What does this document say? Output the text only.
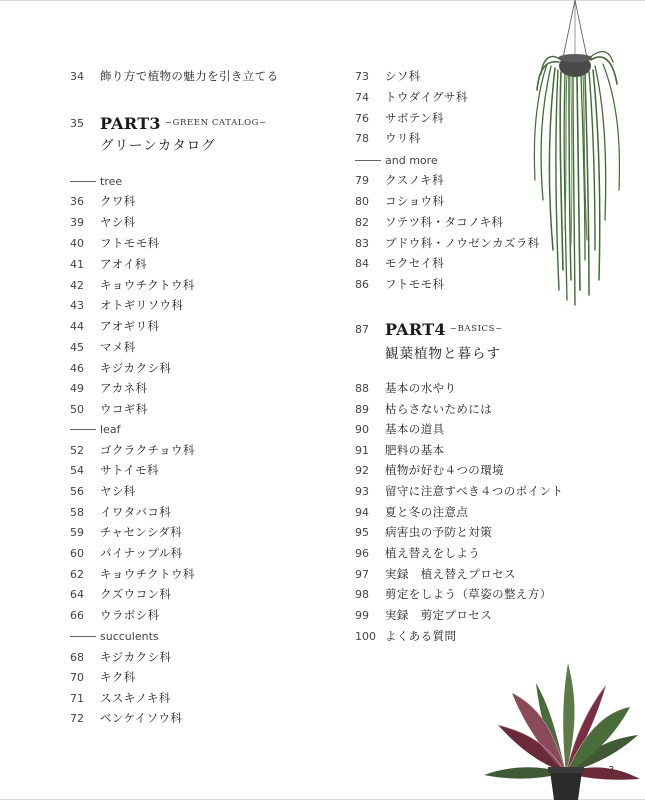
34	飾り方で植物の魅力を引き立てる
35	PART3 ~GREEN CATALOG~
グリーンカタログ
tree
36	クワ科
39	ヤシ科
40	フトモモ科
41	アオイ科
42	キョウチクトウ科
43	オトギリソウ科
44	アオギリ科
45	マメ科
46	キジカクシ科
49	アカネ科
50	ウコギ科
leaf
52	ゴクラクチョウ科
54	サトイモ科
56	ヤシ科
58	イワタバコ科
59	チャセンシダ科
60	パイナップル科
62	キョウチクトウ科
64	クズウコン科
66	ウラボシ科
succulents
68	キジカクシ科
70	キク科
71	ススキノキ科
72	ベンケイソウ科
73	シソ科
74	トウダイグサ科
76	サボテン科
78	ウリ科
and more
79	クスノキ科
80	コショウ科
82	ソテツ科・タコノキ科
83	ブドウ科・ノウゼンカズラ科
84	モクセイ科
86	フトモモ科
87	PART4 ~BASICS~
観葉植物と暮らす
88	基本の水やり
89	枯らさないためには
90	基本の道具
91	肥料の基本
92	植物が好む４つの環境
93	留守に注意すべき４つのポイント
94	夏と冬の注意点
95	病害虫の予防と対策
96	植え替えをしよう
97	実録　植え替えプロセス
98	剪定をしよう（草姿の整え方）
99	実録　剪定プロセス
100 よくある質問
3
